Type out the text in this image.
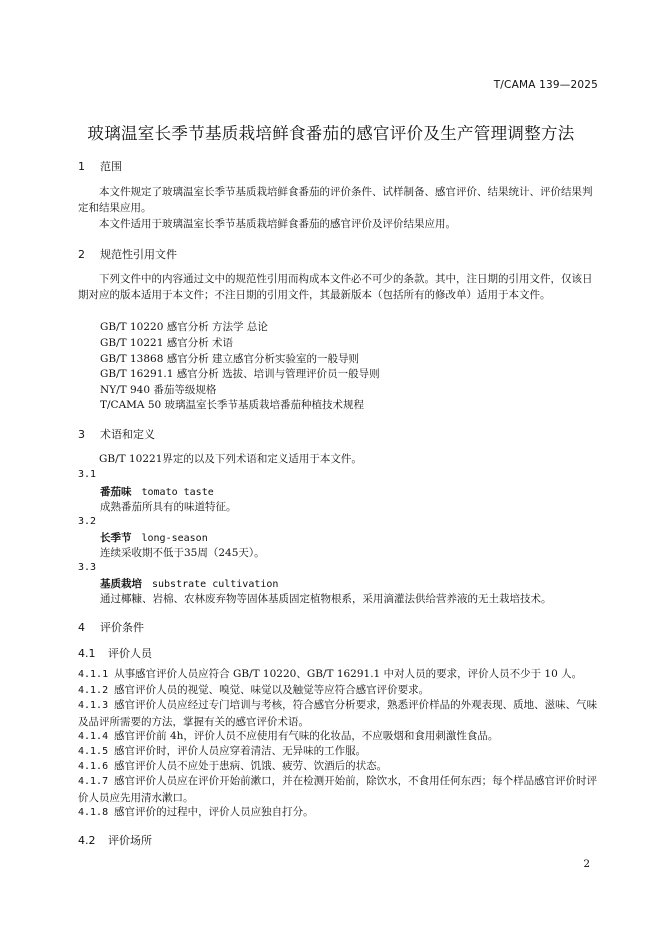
T/CAMA 139—2025
玻璃温室长季节基质栽培鲜食番茄的感官评价及生产管理调整方法
1 范围
本文件规定了玻璃温室长季节基质栽培鲜食番茄的评价条件、试样制备、感官评价、结果统计、评价结果判定和结果应用。
本文件适用于玻璃温室长季节基质栽培鲜食番茄的感官评价及评价结果应用。
2 规范性引用文件
下列文件中的内容通过文中的规范性引用而构成本文件必不可少的条款。其中，注日期的引用文件，仅该日期对应的版本适用于本文件；不注日期的引用文件，其最新版本（包括所有的修改单）适用于本文件。
GB/T 10220 感官分析 方法学 总论
GB/T 10221 感官分析 术语
GB/T 13868 感官分析 建立感官分析实验室的一般导则
GB/T 16291.1 感官分析 选拔、培训与管理评价员一般导则
NY/T 940 番茄等级规格
T/CAMA 50 玻璃温室长季节基质栽培番茄种植技术规程
3 术语和定义
GB/T 10221界定的以及下列术语和定义适用于本文件。
3.1
番茄味 tomato taste
成熟番茄所具有的味道特征。
3.2
长季节 long-season
连续采收期不低于35周（245天）。
3.3
基质栽培 substrate cultivation
通过椰糠、岩棉、农林废弃物等固体基质固定植物根系，采用滴灌法供给营养液的无土栽培技术。
4 评价条件
4.1 评价人员
4.1.1 从事感官评价人员应符合 GB/T 10220、GB/T 16291.1 中对人员的要求，评价人员不少于 10 人。
4.1.2 感官评价人员的视觉、嗅觉、味觉以及触觉等应符合感官评价要求。
4.1.3 感官评价人员应经过专门培训与考核，符合感官分析要求，熟悉评价样品的外观表现、质地、滋味、气味及品评所需要的方法，掌握有关的感官评价术语。
4.1.4 感官评价前 4h，评价人员不应使用有气味的化妆品，不应吸烟和食用刺激性食品。
4.1.5 感官评价时，评价人员应穿着清洁、无异味的工作服。
4.1.6 感官评价人员不应处于患病、饥饿、疲劳、饮酒后的状态。
4.1.7 感官评价人员应在评价开始前漱口，并在检测开始前，除饮水，不食用任何东西；每个样品感官评价时评价人员应先用清水漱口。
4.1.8 感官评价的过程中，评价人员应独自打分。
4.2 评价场所
2
